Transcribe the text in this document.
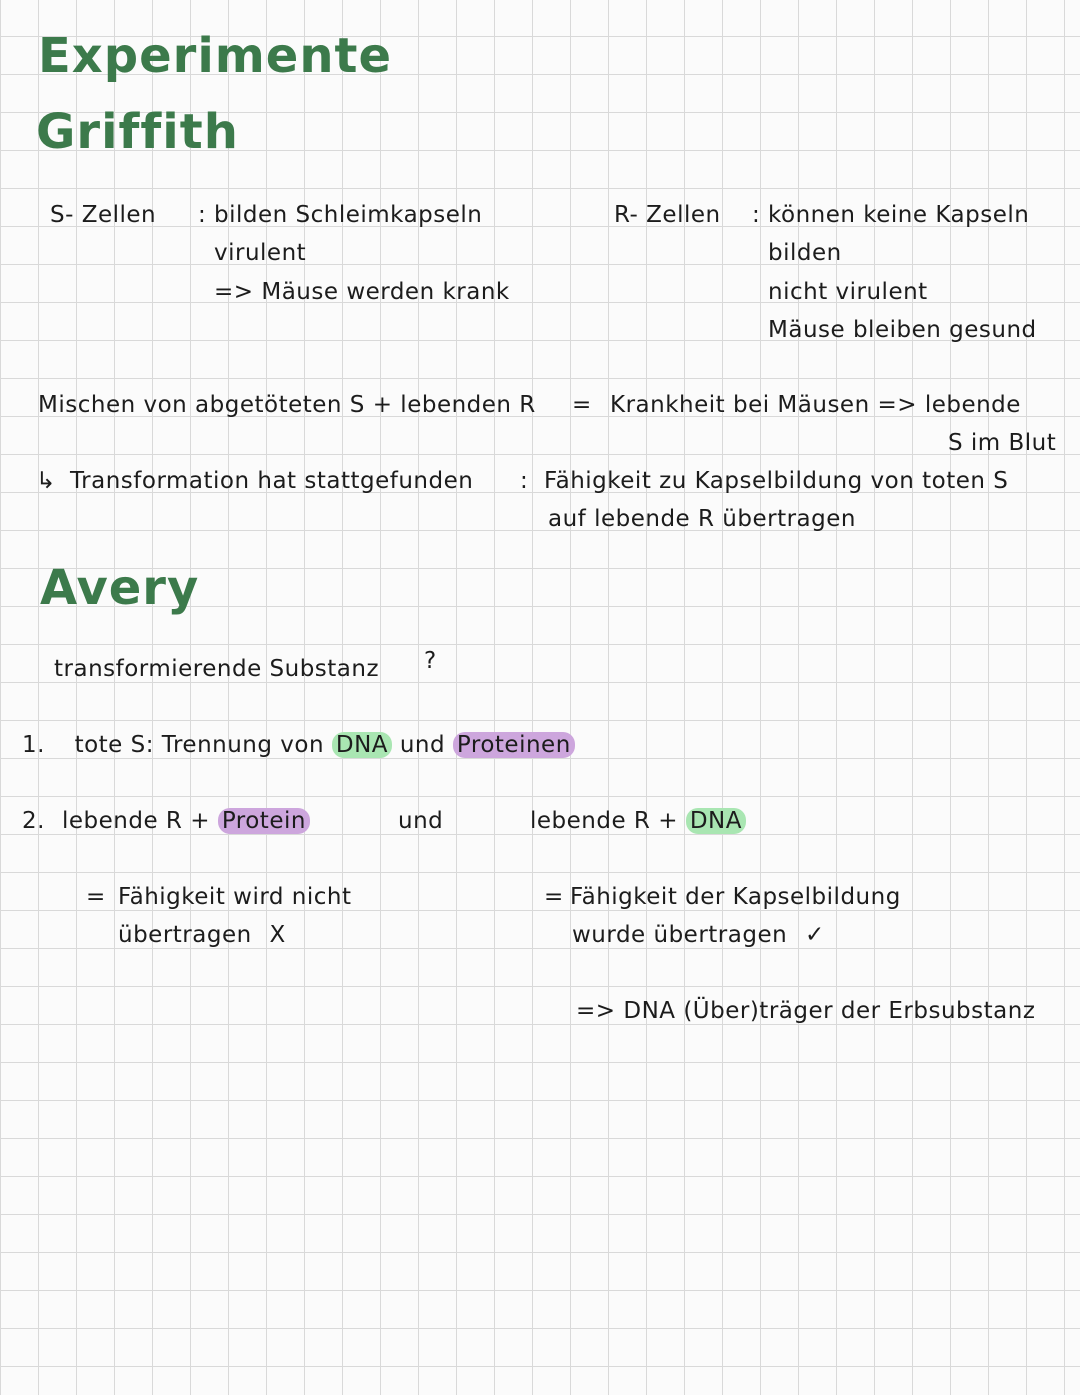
Experimente
Griffith
S- Zellen : bilden Schleimkapseln
virulent
=> Mäuse werden krank
R- Zellen : können keine Kapseln
bilden
nicht virulent
Mäuse bleiben gesund
Mischen von abgetöteten S + lebenden R = Krankheit bei Mäusen => lebende
S im Blut
↳ Transformation hat stattgefunden : Fähigkeit zu Kapselbildung von toten S
auf lebende R übertragen
Avery
transformierende Substanz ?
1. tote S: Trennung von DNA und Proteinen
2. lebende R + Protein	und	lebende R + DNA
= Fähigkeit wird nicht
übertragen X
= Fähigkeit der Kapselbildung
wurde übertragen ✓
=> DNA (Über)träger der Erbsubstanz
